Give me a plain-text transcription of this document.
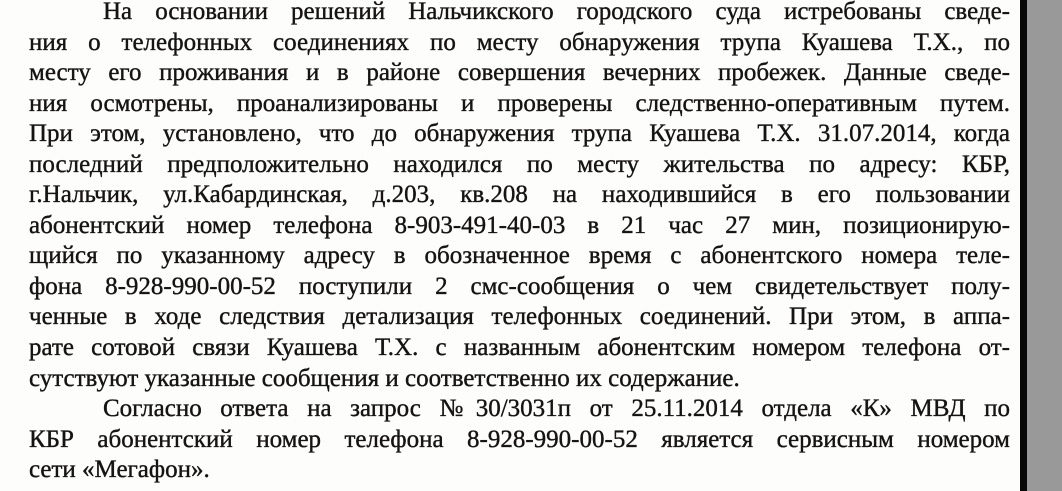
На основании решений Нальчикского городского суда истребованы сведе-
ния о телефонных соединениях по месту обнаружения трупа Куашева Т.Х., по
месту его проживания и в районе совершения вечерних пробежек. Данные сведе-
ния осмотрены, проанализированы и проверены следственно-оперативным путем.
При этом, установлено, что до обнаружения трупа Куашева Т.Х. 31.07.2014, когда
последний предположительно находился по месту жительства по адресу: КБР,
г.Нальчик, ул.Кабардинская, д.203, кв.208 на находившийся в его пользовании
абонентский номер телефона 8-903-491-40-03 в 21 час 27 мин, позиционирую-
щийся по указанному адресу в обозначенное время с абонентского номера теле-
фона 8-928-990-00-52 поступили 2 смс-сообщения о чем свидетельствует полу-
ченные в ходе следствия детализация телефонных соединений. При этом, в аппа-
рате сотовой связи Куашева Т.Х. с названным абонентским номером телефона от-
сутствуют указанные сообщения и соответственно их содержание.
Согласно ответа на запрос №30/3031п от 25.11.2014 отдела «К» МВД по
КБР абонентский номер телефона 8-928-990-00-52 является сервисным номером
сети «Мегафон».
